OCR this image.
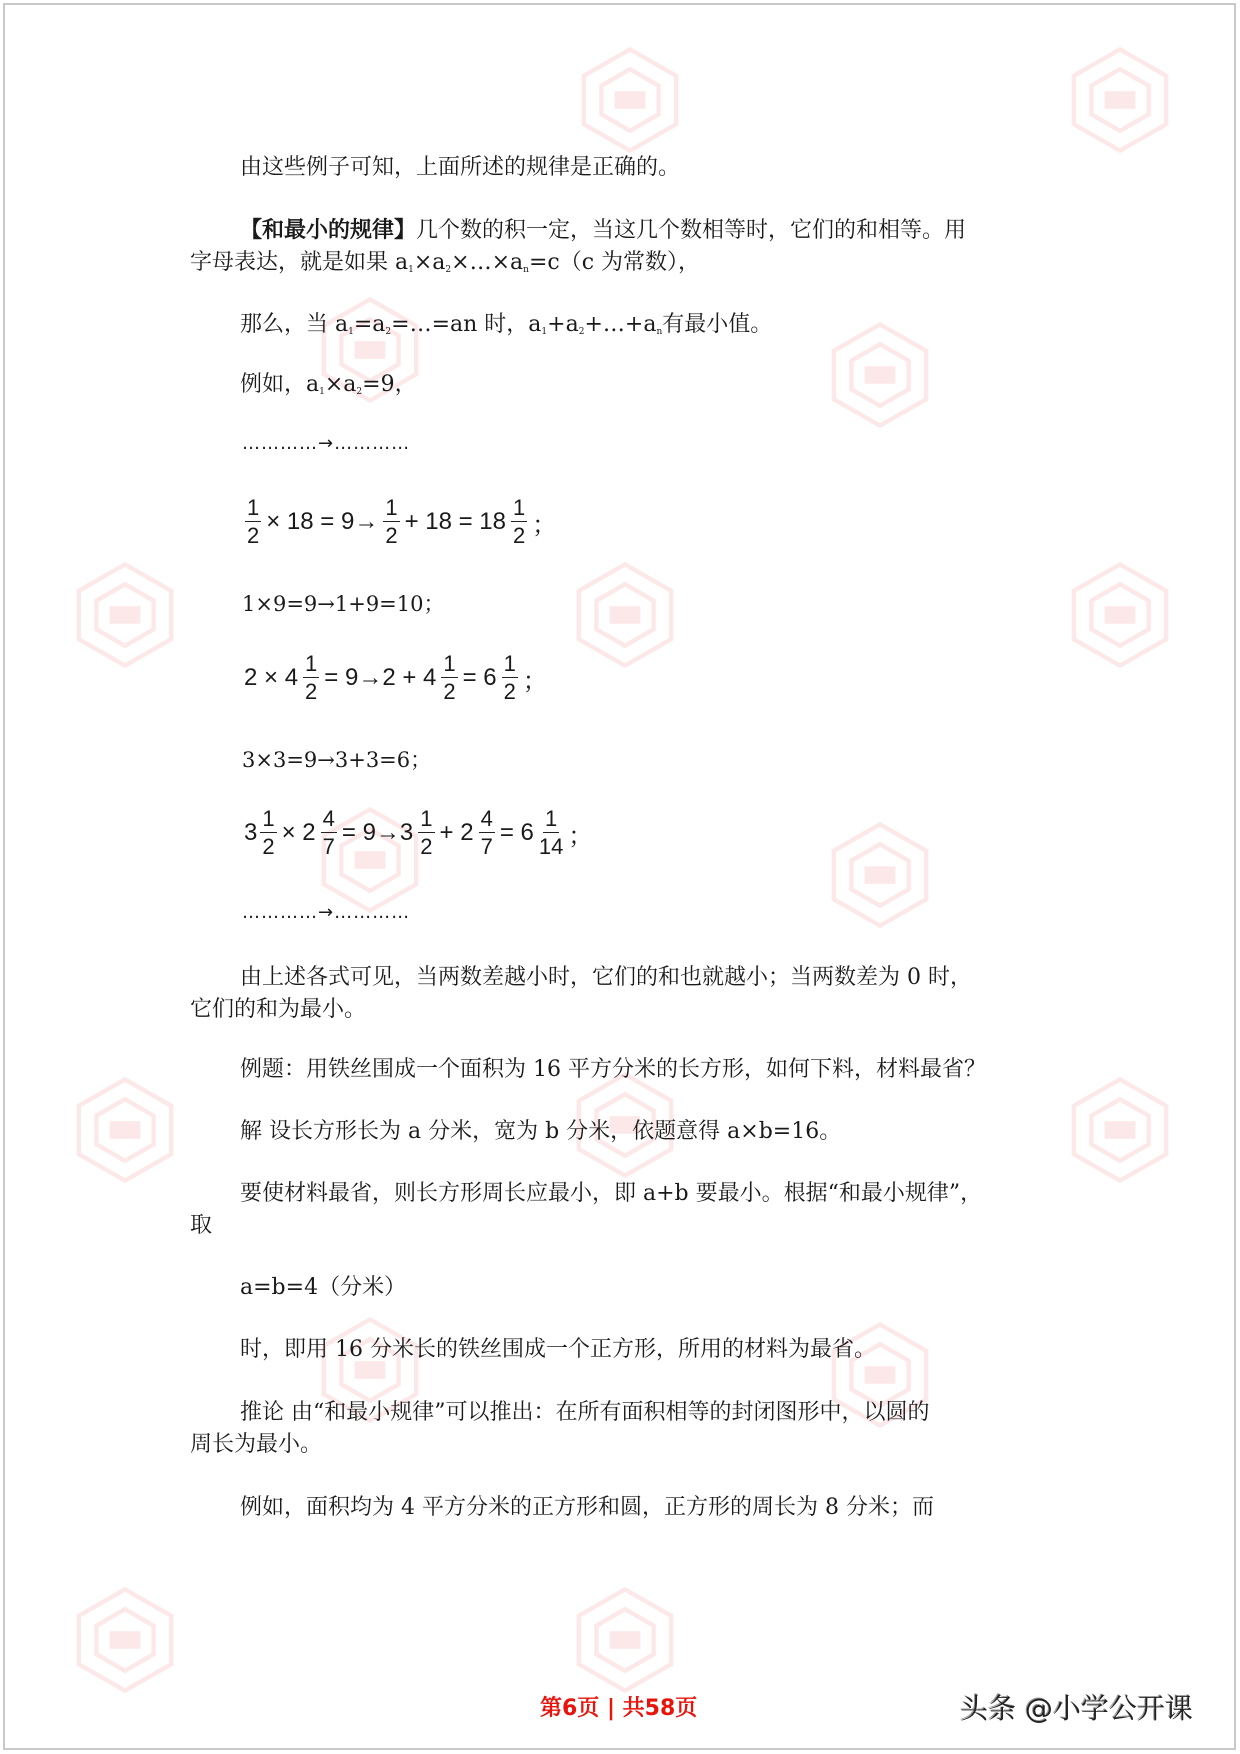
由这些例子可知，上面所述的规律是正确的。
【和最小的规律】几个数的积一定，当这几个数相等时，它们的和相等。用
字母表达，就是如果 $a_1\times a_2\times\dots\times a_n=c(c$ 为常数），
那么，当 $a_1=a_2=\dots=an$ 时，$a_1+a_2+\dots+a_n$有最小值。
例如，$a_1\times a_2=9$，
…………→…………
$\frac{1}{2} \times 18 = 9\to \frac{1}{2} + 18 = 18 \frac{1}{2}$ ；
1×9=9→1+9=10；
$2 \times 4 \frac{1}{2} = 9\to 2 + 4 \frac{1}{2} = 6 \frac{1}{2}$ ；
3×3=9→3+3=6；
$3 \frac{1}{2} \times 2 \frac{4}{7} = 9\to 3 \frac{1}{2} + 2 \frac{4}{7} = 6 \frac{1}{14}$ ；
…………→…………
由上述各式可见，当两数差越小时，它们的和也就越小；当两数差为 0 时，
它们的和为最小。
例题：用铁丝围成一个面积为 16 平方分米的长方形，如何下料，材料最省？
解 设长方形长为 a 分米，宽为 b 分米，依题意得 a×b=16。
要使材料最省，则长方形周长应最小，即 a+b 要最小。根据“和最小规律”，
取
a=b=4（分米）
时，即用 16 分米长的铁丝围成一个正方形，所用的材料为最省。
推论 由“和最小规律”可以推出：在所有面积相等的封闭图形中，以圆的
周长为最小。
例如，面积均为 4 平方分米的正方形和圆，正方形的周长为 8 分米；而
第6页 | 共58页	头条 @小学公开课
